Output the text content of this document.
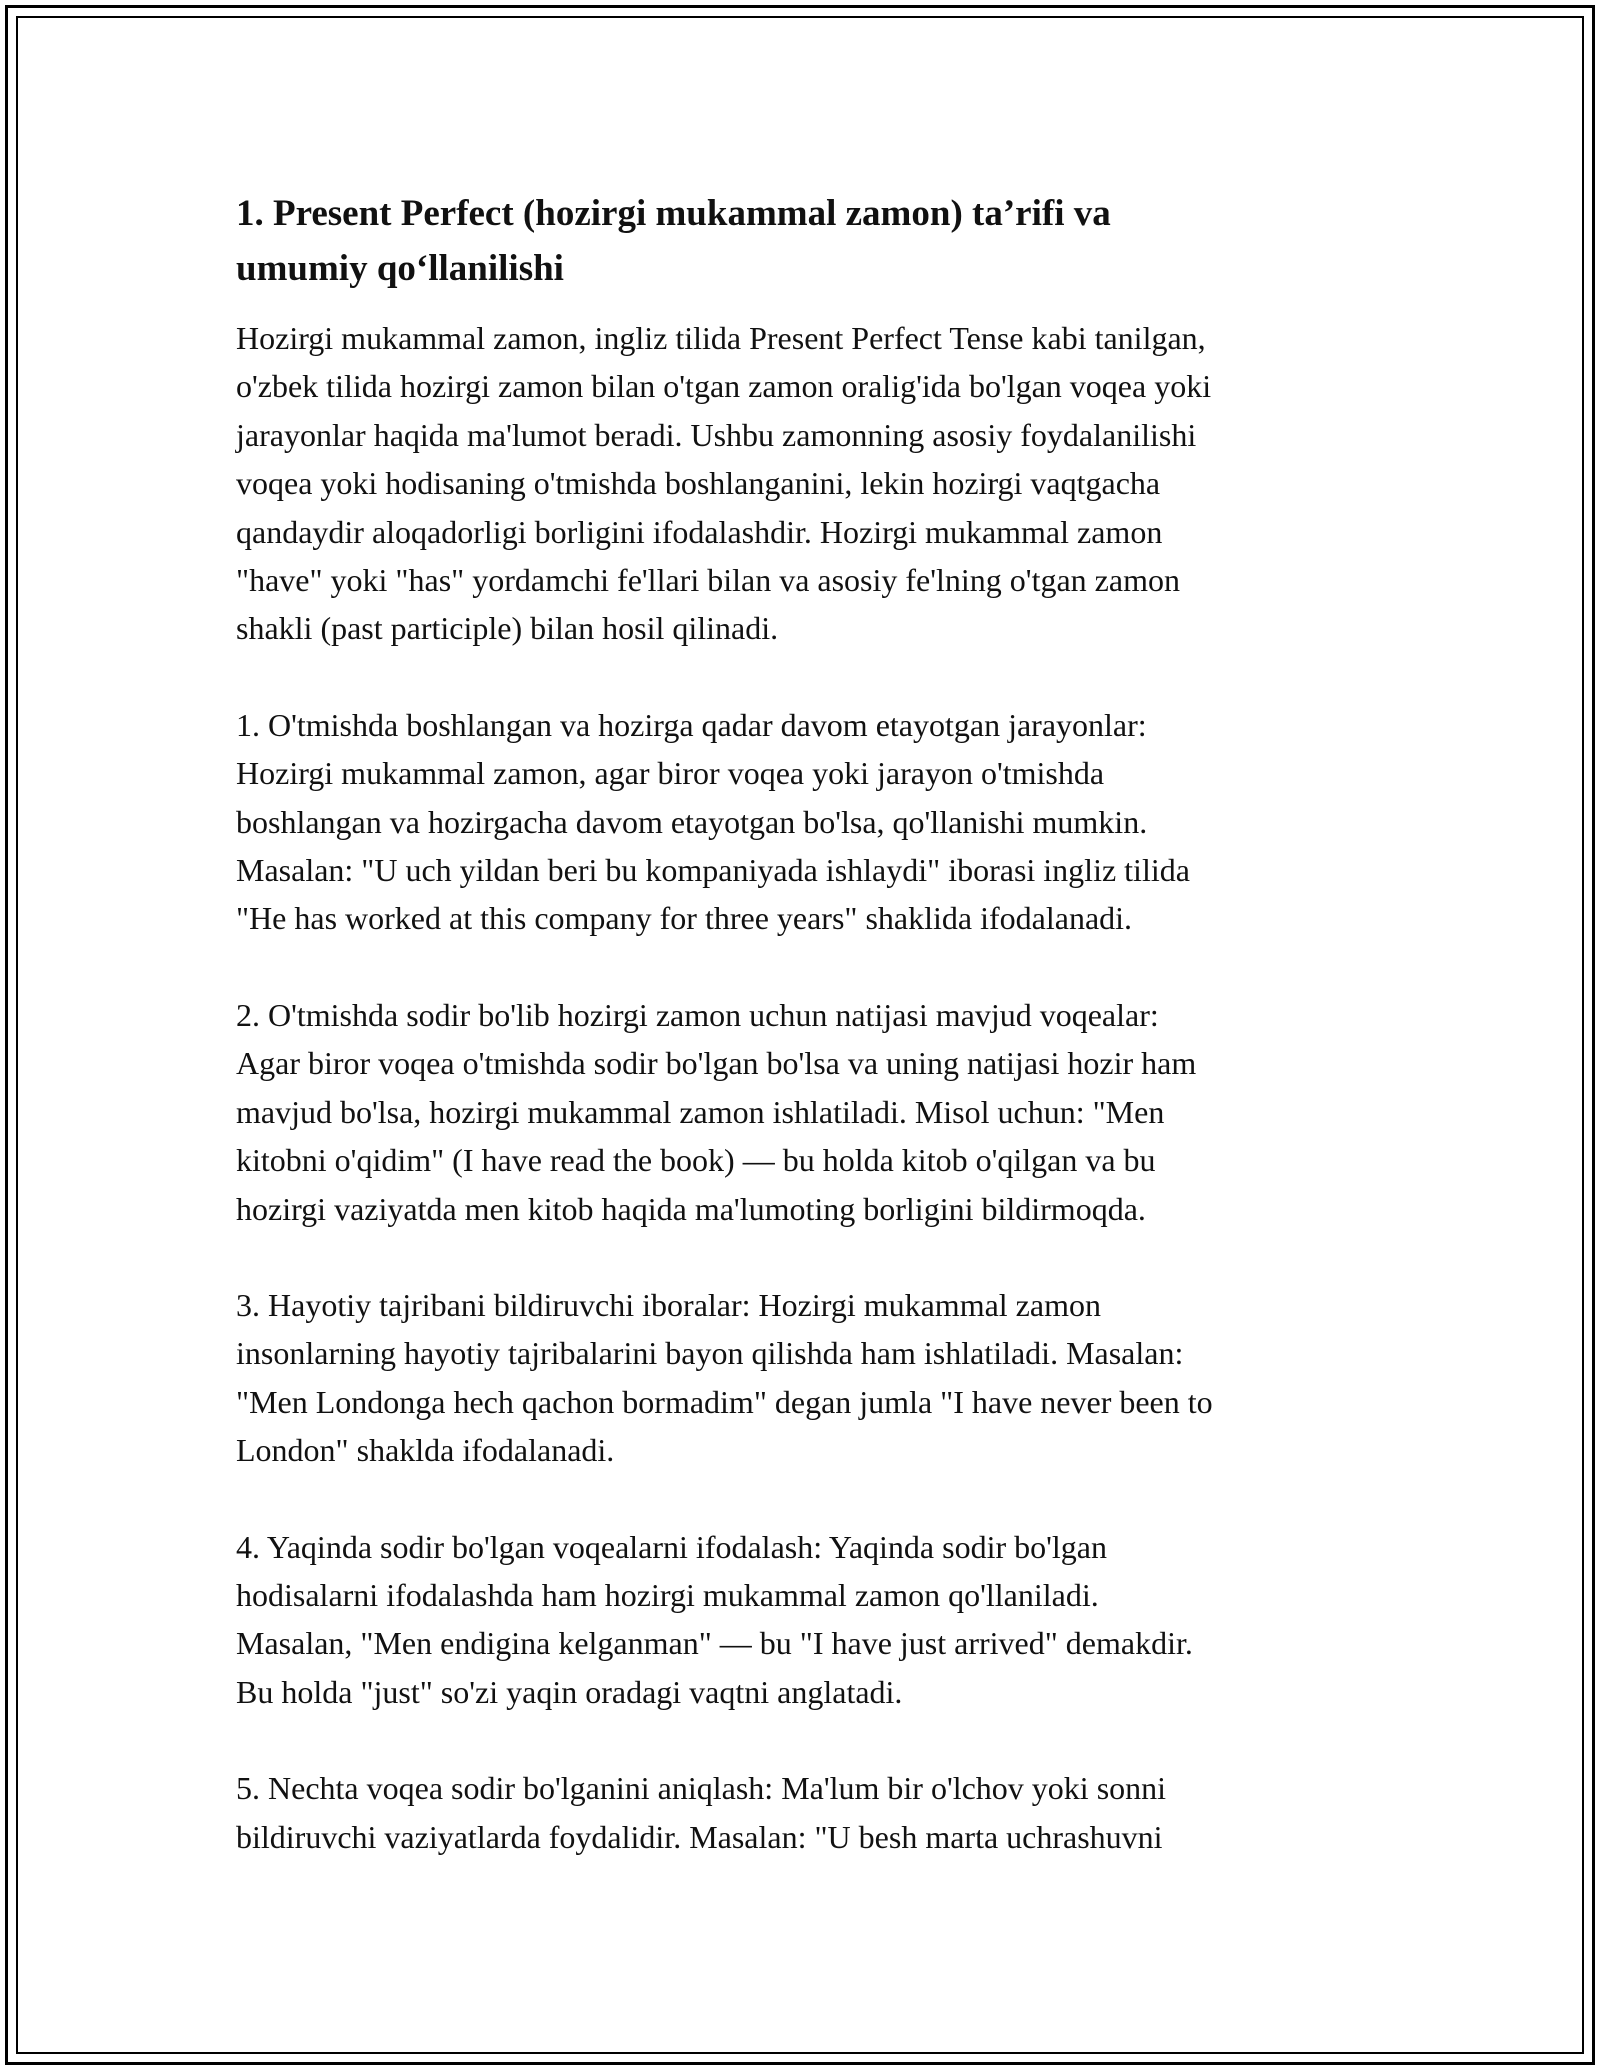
1. Present Perfect (hozirgi mukammal zamon) ta’rifi va
umumiy qo‘llanilishi

Hozirgi mukammal zamon, ingliz tilida Present Perfect Tense kabi tanilgan,
o'zbek tilida hozirgi zamon bilan o'tgan zamon oralig'ida bo'lgan voqea yoki
jarayonlar haqida ma'lumot beradi. Ushbu zamonning asosiy foydalanilishi
voqea yoki hodisaning o'tmishda boshlanganini, lekin hozirgi vaqtgacha
qandaydir aloqadorligi borligini ifodalashdir. Hozirgi mukammal zamon
"have" yoki "has" yordamchi fe'llari bilan va asosiy fe'lning o'tgan zamon
shakli (past participle) bilan hosil qilinadi.

1. O'tmishda boshlangan va hozirga qadar davom etayotgan jarayonlar:
Hozirgi mukammal zamon, agar biror voqea yoki jarayon o'tmishda
boshlangan va hozirgacha davom etayotgan bo'lsa, qo'llanishi mumkin.
Masalan: "U uch yildan beri bu kompaniyada ishlaydi" iborasi ingliz tilida
"He has worked at this company for three years" shaklida ifodalanadi.

2. O'tmishda sodir bo'lib hozirgi zamon uchun natijasi mavjud voqealar:
Agar biror voqea o'tmishda sodir bo'lgan bo'lsa va uning natijasi hozir ham
mavjud bo'lsa, hozirgi mukammal zamon ishlatiladi. Misol uchun: "Men
kitobni o'qidim" (I have read the book) — bu holda kitob o'qilgan va bu
hozirgi vaziyatda men kitob haqida ma'lumoting borligini bildirmoqda.

3. Hayotiy tajribani bildiruvchi iboralar: Hozirgi mukammal zamon
insonlarning hayotiy tajribalarini bayon qilishda ham ishlatiladi. Masalan:
"Men Londonga hech qachon bormadim" degan jumla "I have never been to
London" shaklda ifodalanadi.

4. Yaqinda sodir bo'lgan voqealarni ifodalash: Yaqinda sodir bo'lgan
hodisalarni ifodalashda ham hozirgi mukammal zamon qo'llaniladi.
Masalan, "Men endigina kelganman" — bu "I have just arrived" demakdir.
Bu holda "just" so'zi yaqin oradagi vaqtni anglatadi.

5. Nechta voqea sodir bo'lganini aniqlash: Ma'lum bir o'lchov yoki sonni
bildiruvchi vaziyatlarda foydalidir. Masalan: "U besh marta uchrashuvni
